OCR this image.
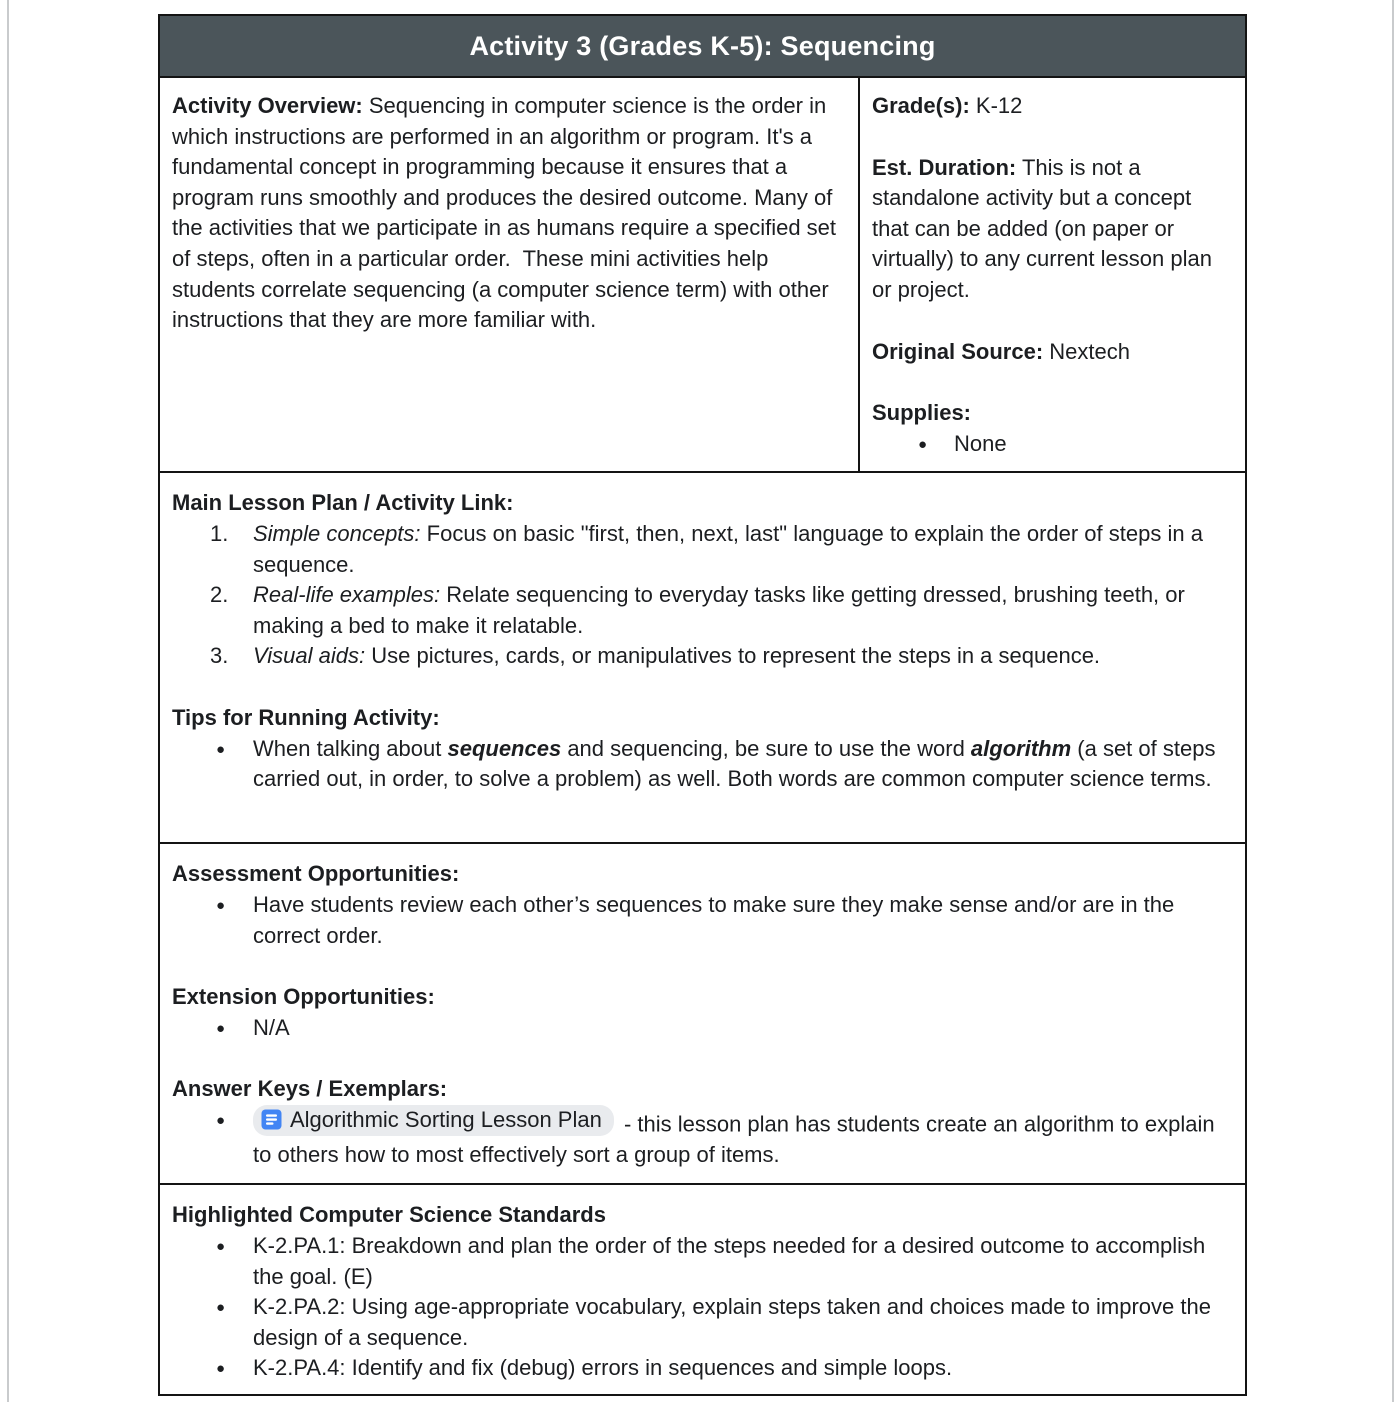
Activity 3 (Grades K-5): Sequencing

Activity Overview: Sequencing in computer science is the order in which instructions are performed in an algorithm or program. It's a fundamental concept in programming because it ensures that a program runs smoothly and produces the desired outcome. Many of the activities that we participate in as humans require a specified set of steps, often in a particular order.  These mini activities help students correlate sequencing (a computer science term) with other instructions that they are more familiar with.

Grade(s): K-12

Est. Duration: This is not a standalone activity but a concept that can be added (on paper or virtually) to any current lesson plan or project.

Original Source: Nextech

Supplies:

● None

Main Lesson Plan / Activity Link:

Simple concepts: Focus on basic "first, then, next, last" language to explain the order of steps in a sequence.
Real-life examples: Relate sequencing to everyday tasks like getting dressed, brushing teeth, or making a bed to make it relatable.
Visual aids: Use pictures, cards, or manipulatives to represent the steps in a sequence.

Tips for Running Activity:

● When talking about sequences and sequencing, be sure to use the word algorithm (a set of steps carried out, in order, to solve a problem) as well. Both words are common computer science terms.

Assessment Opportunities:

● Have students review each other’s sequences to make sure they make sense and/or are in the correct order.

Extension Opportunities:

● N/A

Answer Keys / Exemplars:

● Algorithmic Sorting Lesson Plan - this lesson plan has students create an algorithm to explain to others how to most effectively sort a group of items.

Highlighted Computer Science Standards

● K-2.PA.1: Breakdown and plan the order of the steps needed for a desired outcome to accomplish the goal. (E)
● K-2.PA.2: Using age-appropriate vocabulary, explain steps taken and choices made to improve the design of a sequence.
● K-2.PA.4: Identify and fix (debug) errors in sequences and simple loops.
